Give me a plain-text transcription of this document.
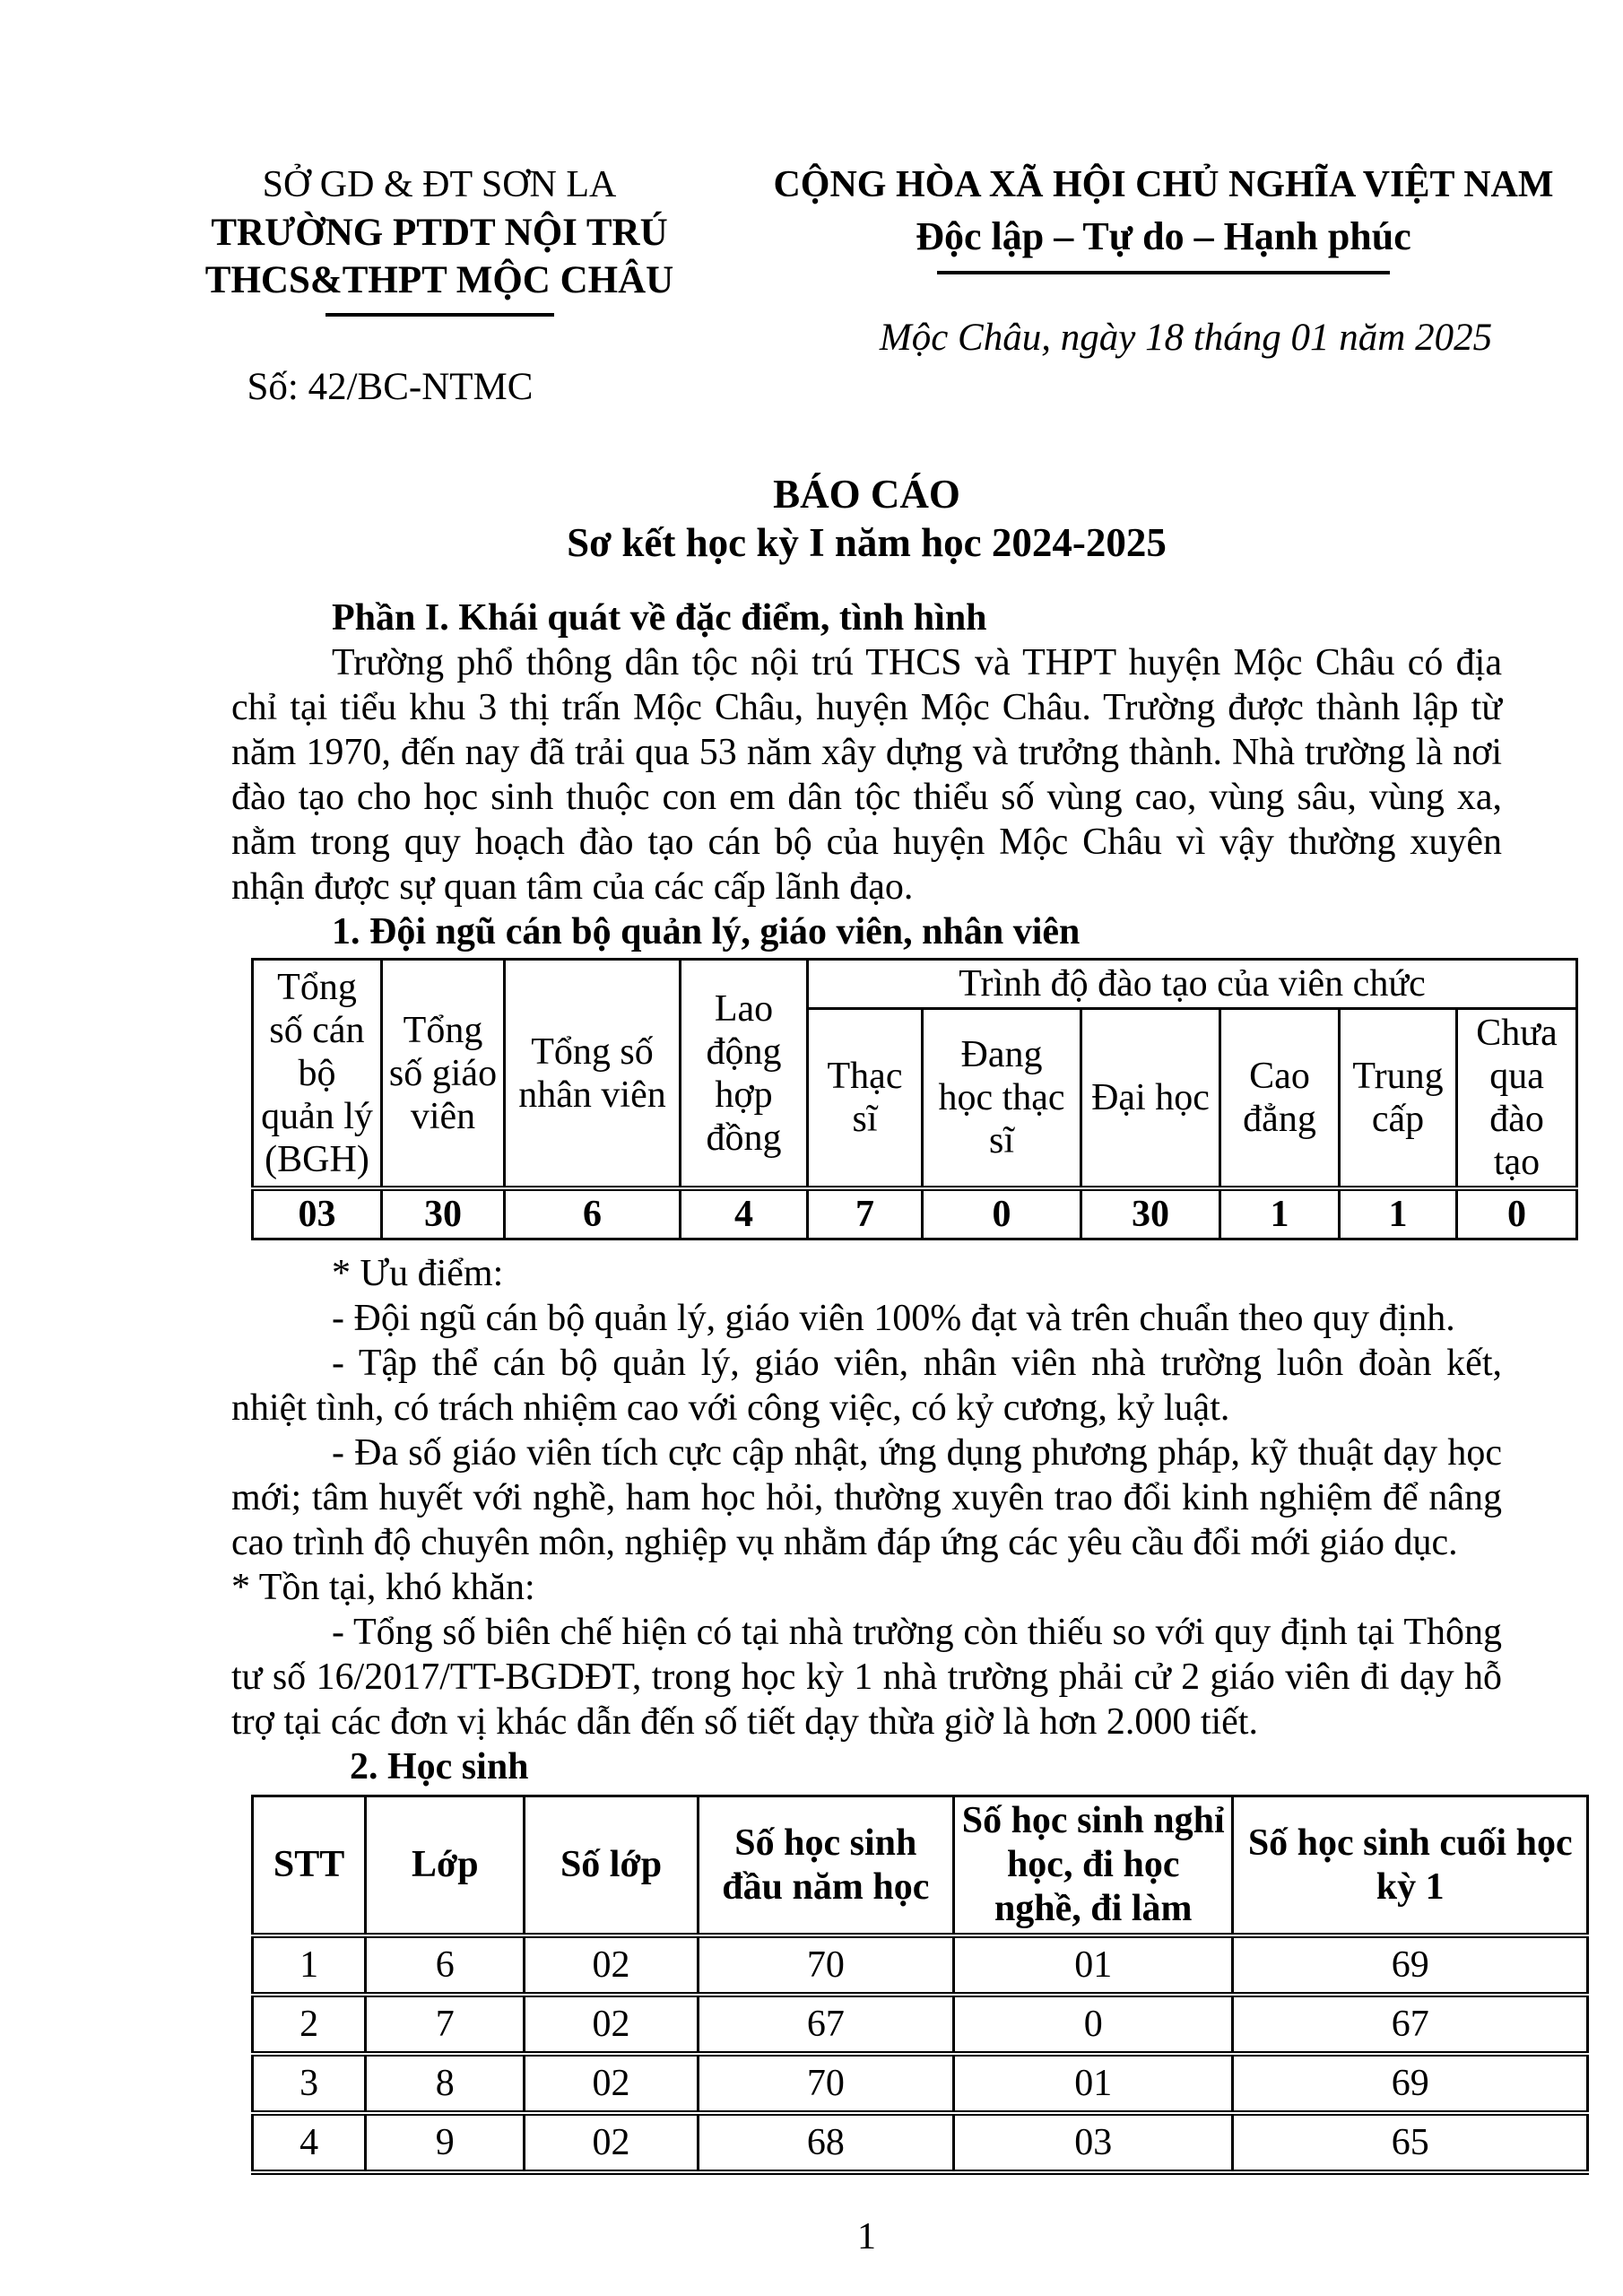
SỞ GD & ĐT SƠN LA
TRƯỜNG PTDT NỘI TRÚ
THCS&THPT MỘC CHÂU
Số: 42/BC-NTMC
CỘNG HÒA XÃ HỘI CHỦ NGHĨA VIỆT NAM
Độc lập – Tự do – Hạnh phúc
Mộc Châu, ngày 18 tháng 01 năm 2025
BÁO CÁO
Sơ kết học kỳ I năm học 2024-2025

Phần I. Khái quát về đặc điểm, tình hình

Trường phổ thông dân tộc nội trú THCS và THPT huyện Mộc Châu có địa chỉ tại tiểu khu 3 thị trấn Mộc Châu, huyện Mộc Châu. Trường được thành lập từ năm 1970, đến nay đã trải qua 53 năm xây dựng và trưởng thành. Nhà trường là nơi đào tạo cho học sinh thuộc con em dân tộc thiểu số vùng cao, vùng sâu, vùng xa, nằm trong quy hoạch đào tạo cán bộ của huyện Mộc Châu vì vậy thường xuyên nhận được sự quan tâm của các cấp lãnh đạo.

1. Đội ngũ cán bộ quản lý, giáo viên, nhân viên

Tổng số cán bộ quản lý (BGH)	Tổng số giáo viên	Tổng số nhân viên	Lao động hợp đồng	Trình độ đào tạo của viên chức					
				Thạc sĩ	Đang học thạc sĩ	Đại học	Cao đẳng	Trung cấp	Chưa qua đào tạo
03	30	6	4	7	0	30	1	1	0

* Ưu điểm:

- Đội ngũ cán bộ quản lý, giáo viên 100% đạt và trên chuẩn theo quy định.

- Tập thể cán bộ quản lý, giáo viên, nhân viên nhà trường luôn đoàn kết, nhiệt tình, có trách nhiệm cao với công việc, có kỷ cương, kỷ luật.

- Đa số giáo viên tích cực cập nhật, ứng dụng phương pháp, kỹ thuật dạy học mới; tâm huyết với nghề, ham học hỏi, thường xuyên trao đổi kinh nghiệm để nâng cao trình độ chuyên môn, nghiệp vụ nhằm đáp ứng các yêu cầu đổi mới giáo dục.

* Tồn tại, khó khăn:

- Tổng số biên chế hiện có tại nhà trường còn thiếu so với quy định tại Thông tư số 16/2017/TT-BGDĐT, trong học kỳ 1 nhà trường phải cử 2 giáo viên đi dạy hỗ trợ tại các đơn vị khác dẫn đến số tiết dạy thừa giờ là hơn 2.000 tiết.

2. Học sinh

STT	Lớp	Số lớp	Số học sinh đầu năm học	Số học sinh nghỉ học, đi học nghề, đi làm	Số học sinh cuối học kỳ 1
1	6	02	70	01	69
2	7	02	67	0	67
3	8	02	70	01	69
4	9	02	68	03	65
1
